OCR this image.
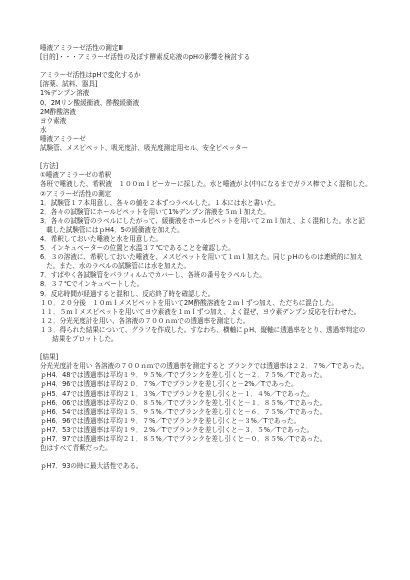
唾液アミラーゼ活性の測定Ⅲ
[目的]・・・アミラーゼ活性の及ぼす酵素反応液のpHの影響を検討する
アミラーゼ活性はpHで変化するか
[溶薬、試料、器具]
1%デンプン溶液
0、2Mリン酸緩衝液、酢酸緩衝液
2M酢酸溶液
ヨウ素液
水
唾液アミラーゼ
試験管、メスピペット、吸光度計、吸光度測定用セル、安全ピペッター
[方法]
①唾液アミラーゼの希釈
各班で唾液した、希釈液　１００ｍｌビーカーに採した。水と唾液がよ(中)になるまでガラス棒でよく混和した。
②アミラーゼ活性の測定
1．試験管１７本用意し、各々の値を２本ずつラベルした。１本には水と書いた。
2．各々の試験管にホールピペットを用いて1%デンプン溶液を５ｍｌ加えた。
3．各々の試験管のラベルにしたがって、緩衝液をホールピペットを用いて２ｍｌ加え、よく混和した。水と記
載した試験管にはｐH4．5の緩衝液を加えた。
4．希釈しておいた唾液と水を用意した。
5．インキュベーターの位置と水温３７℃であることを確認した。
6．３の溶液に、希釈しておいた唾液を、メスピペットを用いて１ｍｌ加えた。同じｐHのものは連続的に加え
た。また、水のラベルの試験管には水を加えた。
7．すばやく各試験管をパラフィルムでカバーし、各班の番号をラベルした。
8．３７℃でインキュベートした。
9．反応時間が経過すると混和し、反応終了時を確認した。
１０．２０分後　１０ｍｌメスピペットを用いて2M酢酸溶液を２ｍｌずつ加え、ただちに混合した。
１１．５ｍｌメスピペットを用いてヨウ素液を１ｍｌずつ加え、よく混ぜ、ヨウ素デンプン反応を行わせた。
１２．分光光度計を用い、各溶液の７００ｎｍでの透過率を測定した。
１３．得られた結果について、グラフを作成した。すなわち、横軸にｐH、縦軸に透過率をとり、透過率判定の
結果をプロットした。
[結果]
分光光度計を用い 各溶液の７００ｎｍでの透過率を測定すると ブランクでは透過率は２２．７%／Tであった。
ｐH4．48では透過率は平均１９．９５%／Tでブランクを差し引くと－２．７５%／Tであった。
ｐH4．96では透過率は平均２０．７%／Tでブランクを差し引くと－2%／Tであった。
ｐH5．47では透過率は平均２１．３%／Tでブランクを差し引くと－１．４%／Tであった。
ｐH6．06では透過率は平均２０．８５%／Tでブランクを差し引くと－１．８５%／Tであった。
ｐH6．54では透過率は平均１５．９５%／Tでブランクを差し引くと－６．７５%／Tであった。
ｐH6．96では透過率は平均１９．７%／Tでブランクを差し引くと－３%／Tであった。
ｐH7．53では透過率は平均１９．２%／Tでブランクを差し引くと－３．５%／Tであった。
ｐH7．97では透過率は平均２１．８５%／Tでブランクを差し引くと－０．８５%／Tであった。
色はすべて青紫だった。
ｐH7．93の時に最大活性である。
